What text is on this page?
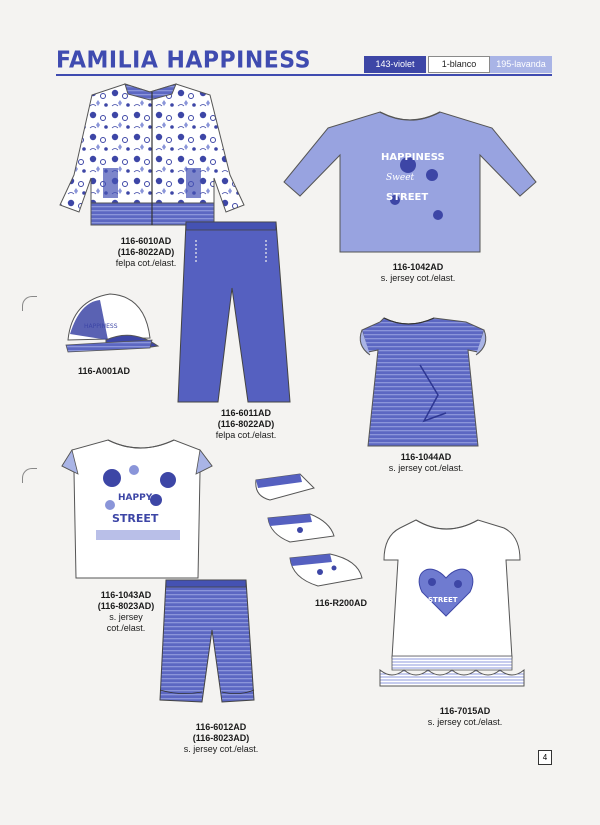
FAMILIA HAPPINESS	143-violet	1-blanco	195-lavanda
HAPPINESS
Sweet
STREET
HAPPINESS
HAPPY
STREET
STREET
116-6010AD
(116-8022AD)
felpa cot./elast.	116-1042AD
s. jersey cot./elast.
116-A001AD
116-6011AD
(116-8022AD)
felpa cot./elast.
116-1044AD
s. jersey cot./elast.
116-1043AD
(116-8023AD)
s. jersey
cot./elast.
116-R200AD
116-6012AD
(116-8023AD)
s. jersey cot./elast.
116-7015AD
s. jersey cot./elast.
4
